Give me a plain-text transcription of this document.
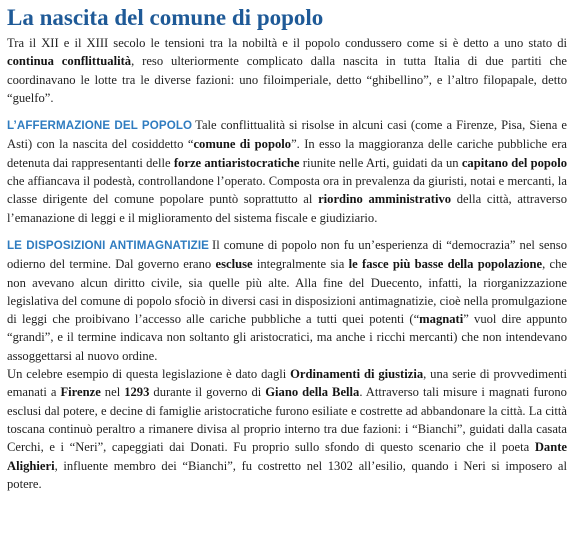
La nascita del comune di popolo

Tra il XII e il XIII secolo le tensioni tra la nobiltà e il popolo condussero come si è detto a uno stato di continua conflittualità, reso ulteriormente complicato dalla nascita in tutta Italia di due partiti che coordinavano le lotte tra le diverse fazioni: uno filoimperiale, detto “ghibellino”, e l’altro filopapale, detto “guelfo”.

L’AFFERMAZIONE DEL POPOLO Tale conflittualità si risolse in alcuni casi (come a Firenze, Pisa, Siena e Asti) con la nascita del cosiddetto “comune di popolo”. In esso la maggioranza delle cariche pubbliche era detenuta dai rappresentanti delle forze antiaristocratiche riunite nelle Arti, guidati da un capitano del popolo che affiancava il podestà, controllandone l’operato. Composta ora in prevalenza da giuristi, notai e mercanti, la classe dirigente del comune popolare puntò soprattutto al riordino amministrativo della città, attraverso l’emanazione di leggi e il miglioramento del sistema fiscale e giudiziario.

LE DISPOSIZIONI ANTIMAGNATIZIE Il comune di popolo non fu un’esperienza di “democrazia” nel senso odierno del termine. Dal governo erano escluse integralmente sia le fasce più basse della popolazione, che non avevano alcun diritto civile, sia quelle più alte. Alla fine del Duecento, infatti, la riorganizzazione legislativa del comune di popolo sfociò in diversi casi in disposizioni antimagnatizie, cioè nella promulgazione di leggi che proibivano l’accesso alle cariche pubbliche a tutti quei potenti (“magnati” vuol dire appunto “grandi”, e il termine indicava non soltanto gli aristocratici, ma anche i ricchi mercanti) che non intendevano assoggettarsi al nuovo ordine.

Un celebre esempio di questa legislazione è dato dagli Ordinamenti di giustizia, una serie di provvedimenti emanati a Firenze nel 1293 durante il governo di Giano della Bella. Attraverso tali misure i magnati furono esclusi dal potere, e decine di famiglie aristocratiche furono esiliate e costrette ad abbandonare la città. La città toscana continuò peraltro a rimanere divisa al proprio interno tra due fazioni: i “Bianchi”, guidati dalla casata Cerchi, e i “Neri”, capeggiati dai Donati. Fu proprio sullo sfondo di questo scenario che il poeta Dante Alighieri, influente membro dei “Bianchi”, fu costretto nel 1302 all’esilio, quando i Neri si imposero al potere.
